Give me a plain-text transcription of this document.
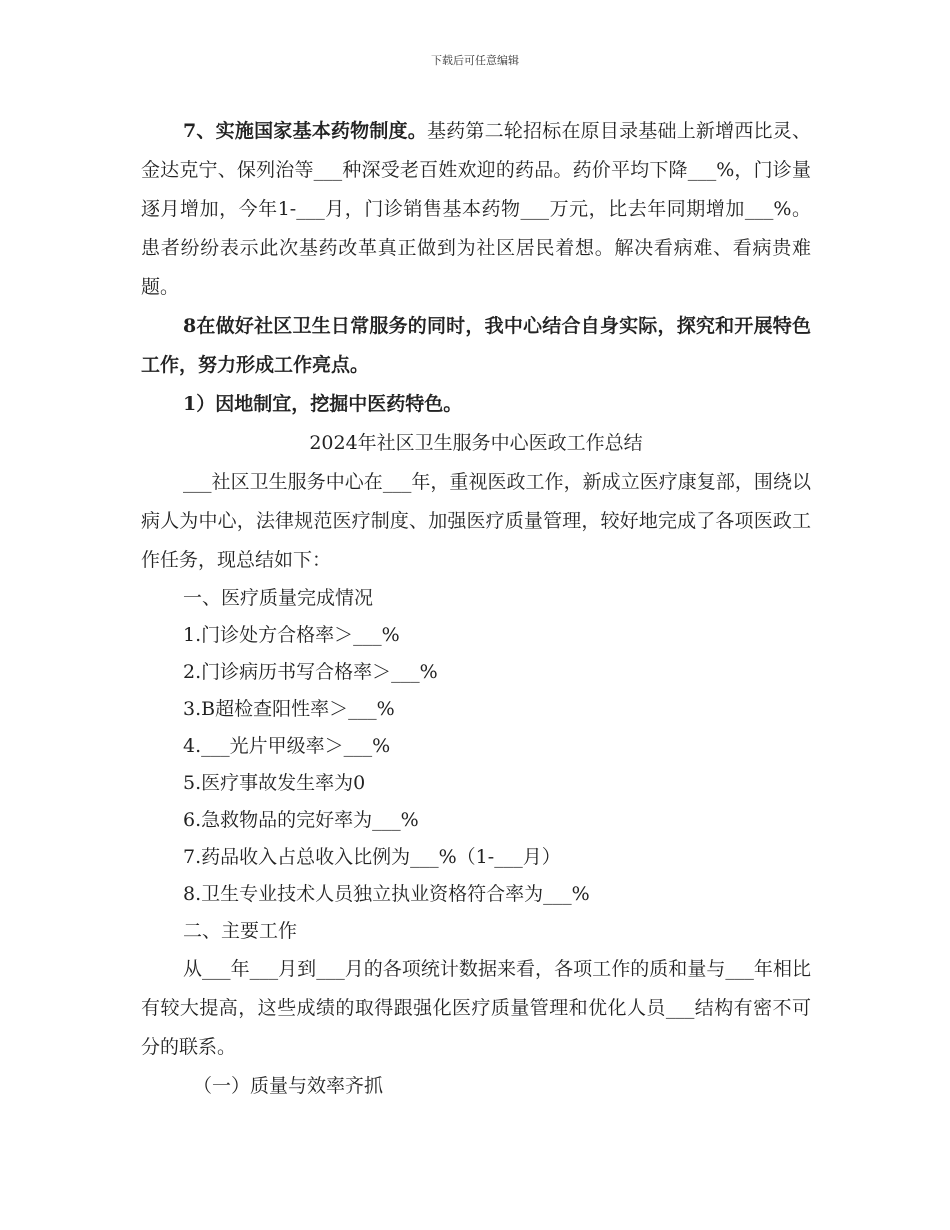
下载后可任意编辑

7、实施国家基本药物制度。基药第二轮招标在原目录基础上新增西比灵、金达克宁、保列治等___种深受老百姓欢迎的药品。药价平均下降___%，门诊量逐月增加，今年1-___月，门诊销售基本药物___万元，比去年同期增加___%。患者纷纷表示此次基药改革真正做到为社区居民着想。解决看病难、看病贵难题。

8在做好社区卫生日常服务的同时，我中心结合自身实际，探究和开展特色工作，努力形成工作亮点。

1）因地制宜，挖掘中医药特色。

2024年社区卫生服务中心医政工作总结

___社区卫生服务中心在___年，重视医政工作，新成立医疗康复部，围绕以病人为中心，法律规范医疗制度、加强医疗质量管理，较好地完成了各项医政工作任务，现总结如下：

一、医疗质量完成情况

1.门诊处方合格率＞___%

2.门诊病历书写合格率＞___%

3.B超检查阳性率＞___%

4.___光片甲级率＞___%

5.医疗事故发生率为0

6.急救物品的完好率为___%

7.药品收入占总收入比例为___%（1-___月）

8.卫生专业技术人员独立执业资格符合率为___%

二、主要工作

从___年___月到___月的各项统计数据来看，各项工作的质和量与___年相比有较大提高，这些成绩的取得跟强化医疗质量管理和优化人员___结构有密不可分的联系。

（一）质量与效率齐抓
